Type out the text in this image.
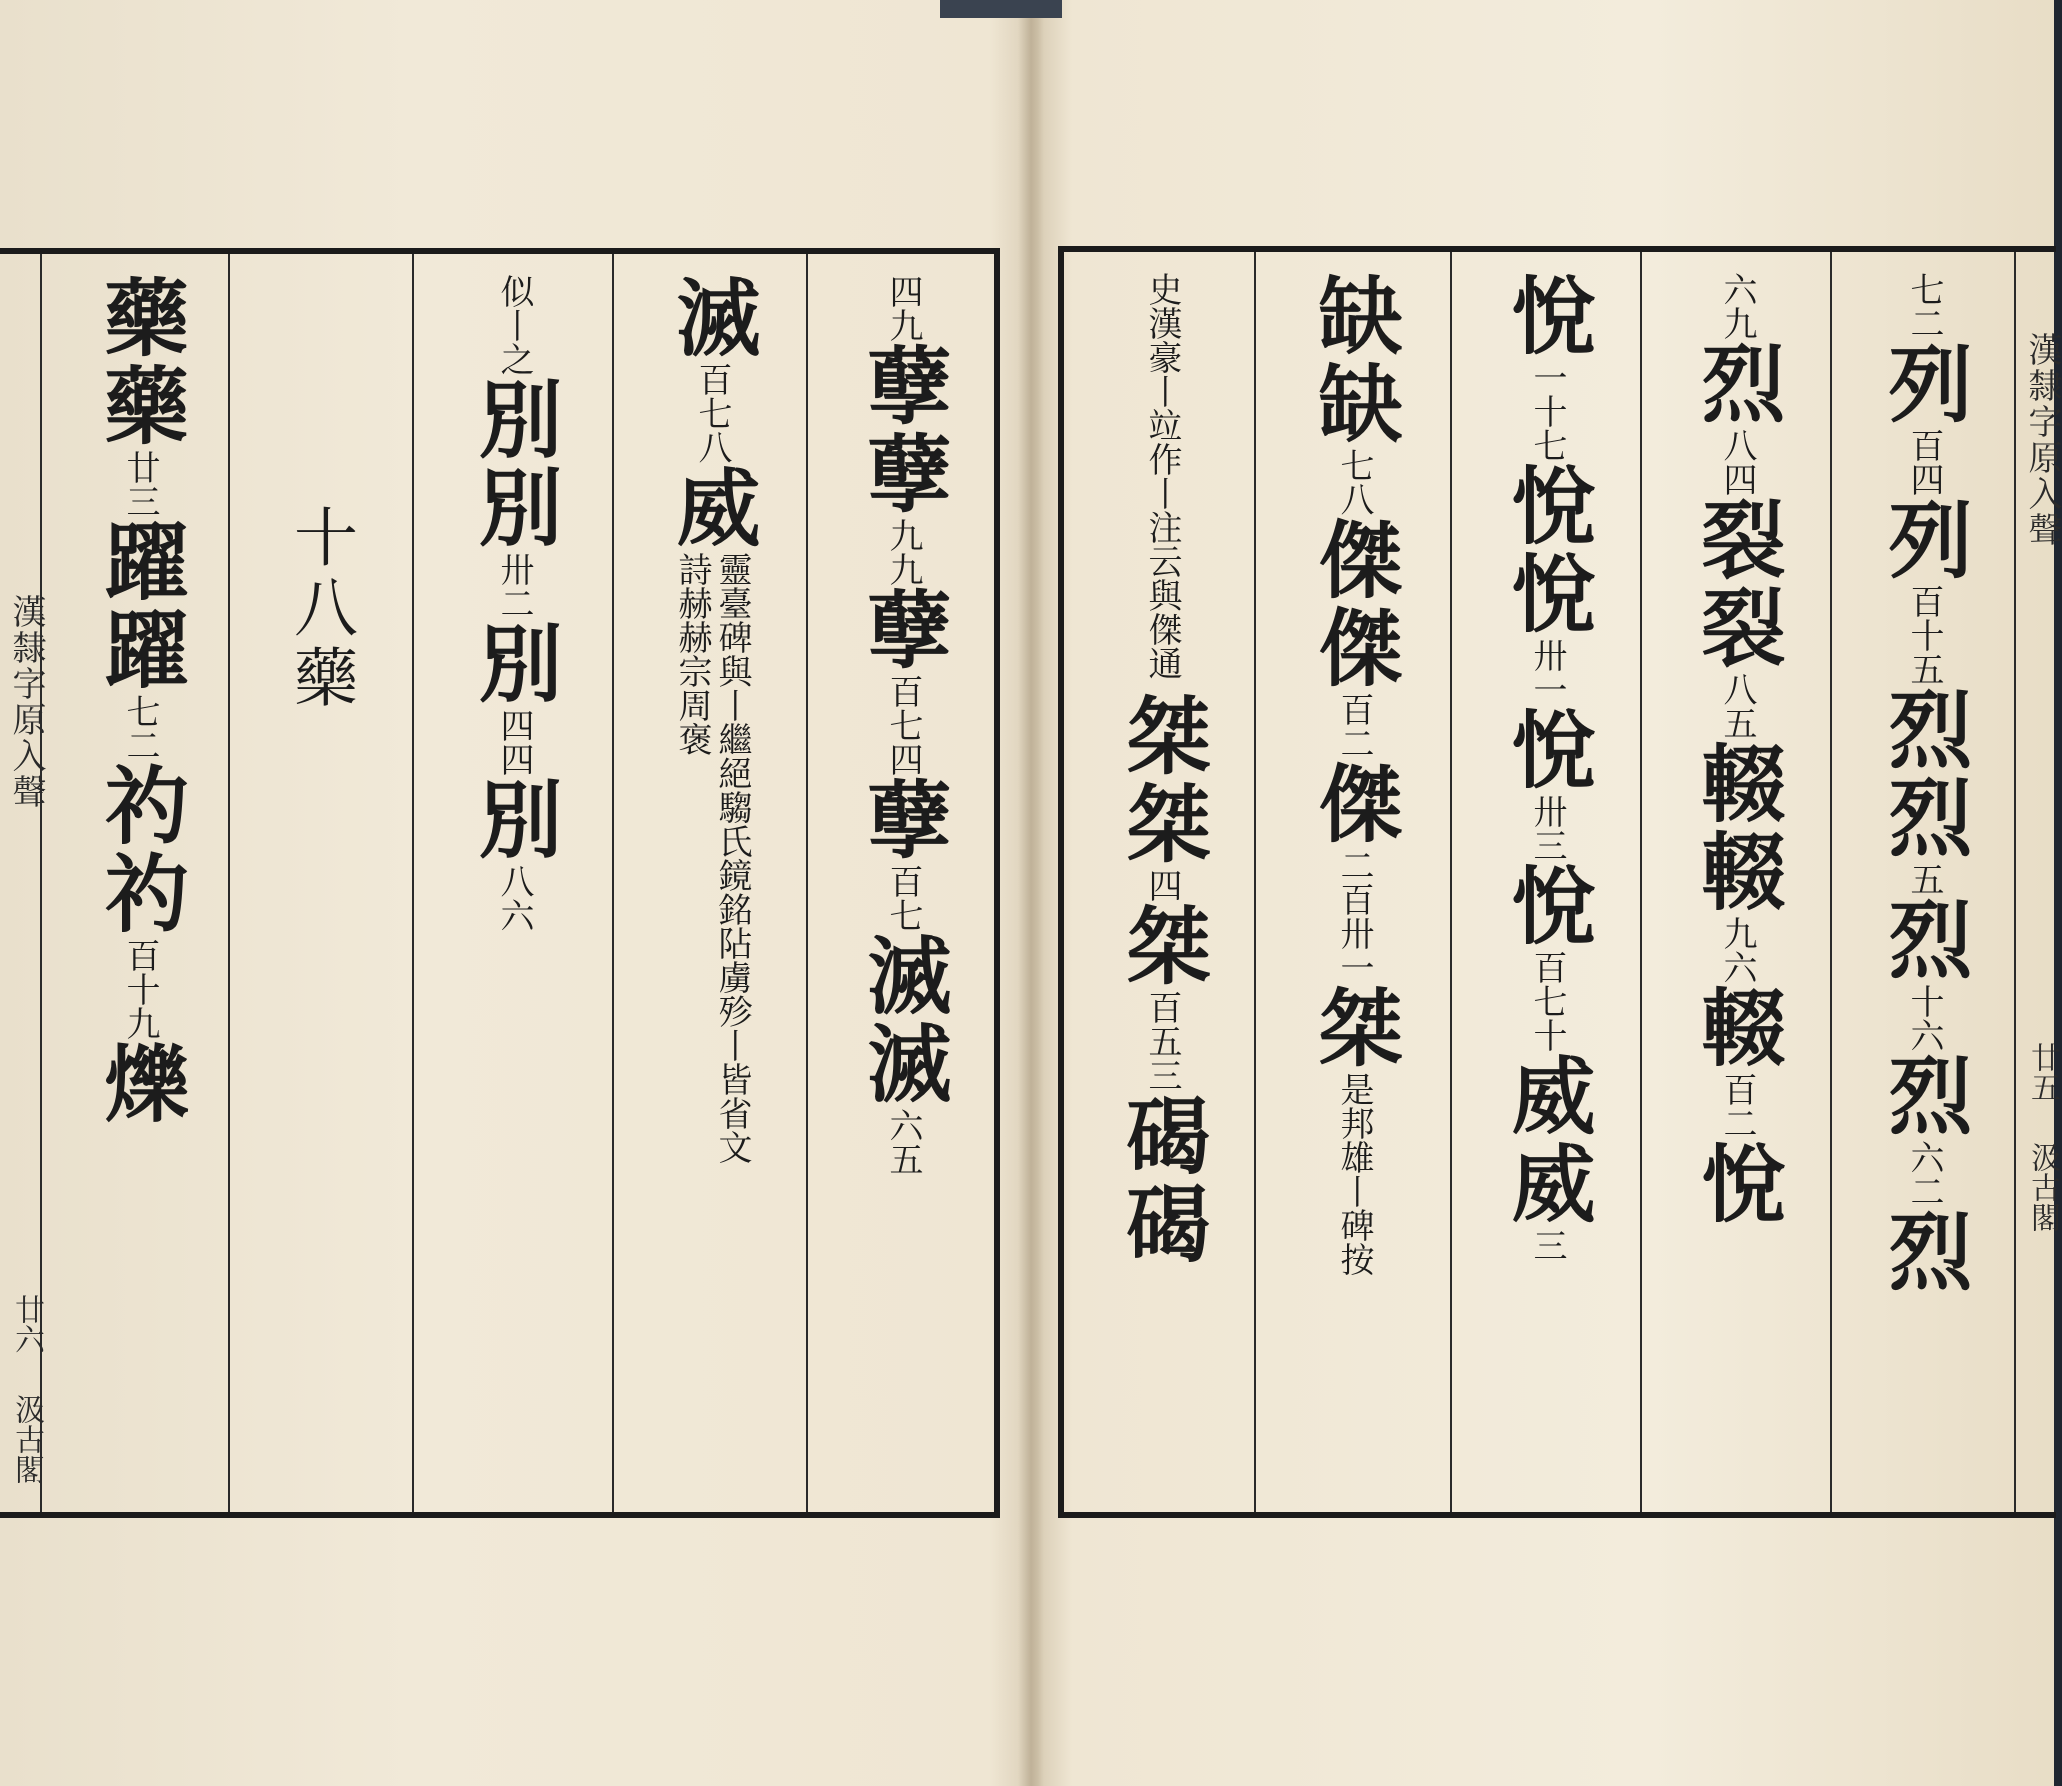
漢隸字原入聲
廿六
汲古閣
藥藥
廿三
躍躍
七二
礿礿
百十九
爍
十八藥
似丨之
別別
卅二
別
四四
別
八六
滅
百七八
威
靈臺碑與丨繼絕騶氏鏡銘阽虜殄丨皆省文詩赫赫宗周褒
四九
孽孽
九九
孽
百七四
孽
百七
滅滅
六五
史漢豪丨竝作丨注云與傑通
桀桀
四
桀
百五三
碣碣
缺缺
七八
傑傑
百二
傑
二百卅一
桀
是邦雄丨碑按
悅
一十七
悅悅
卅一
悅
卅三
悅
百七十
威威
三
六九
烈
八四
裂裂
八五
輟輟
九六
輟
百二
悅
七二
列
百四
列
百十五
烈烈
五
烈
十六
烈
六二
烈
漢隸字原入聲
廿五
汲古閣
